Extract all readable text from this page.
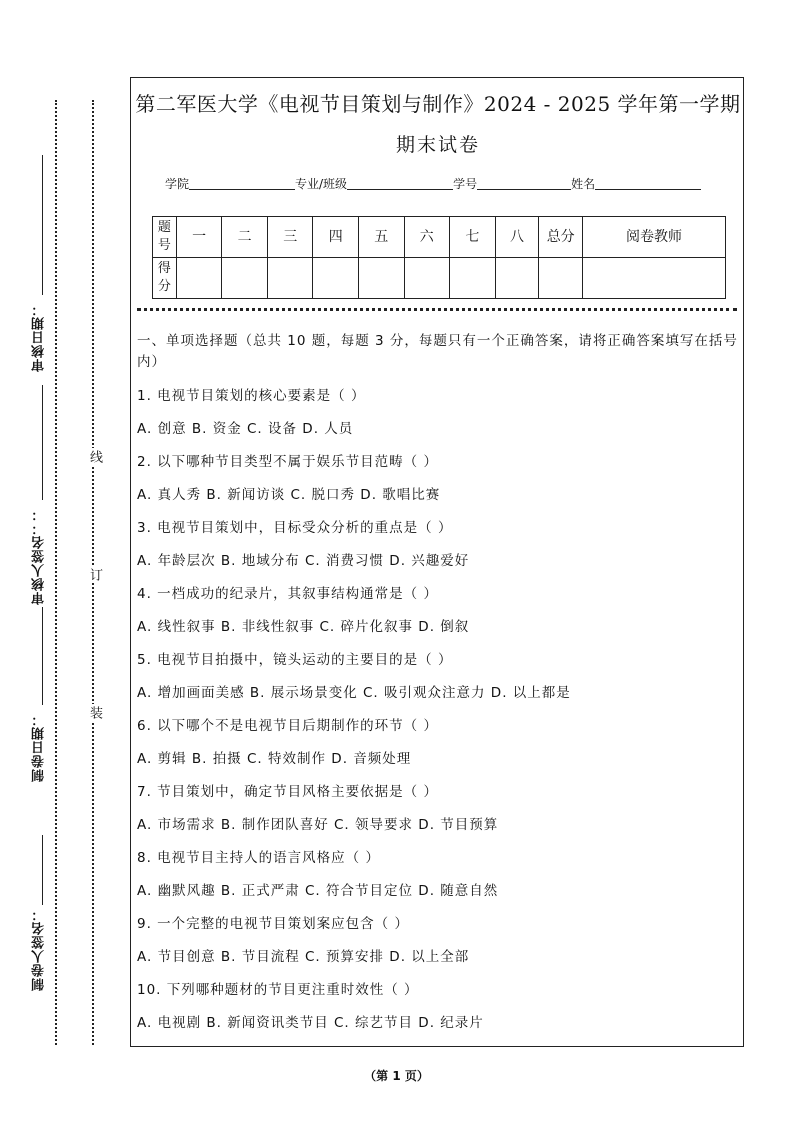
审核日期：
审核人签名：：
制卷日期：
制卷人签名：
线
订
装
第二军医大学《电视节目策划与制作》2024 - 2025 学年第一学期
期末试卷
学院	专业/班级	学号	姓名
题号	一	二	三	四	五	六	七	八	总分	阅卷教师
得分										
一、单项选择题（总共 10 题，每题 3 分，每题只有一个正确答案，请将正确答案填写在括号内）
1. 电视节目策划的核心要素是（ ）
A. 创意 B. 资金 C. 设备 D. 人员
2. 以下哪种节目类型不属于娱乐节目范畴（ ）
A. 真人秀 B. 新闻访谈 C. 脱口秀 D. 歌唱比赛
3. 电视节目策划中，目标受众分析的重点是（ ）
A. 年龄层次 B. 地域分布 C. 消费习惯 D. 兴趣爱好
4. 一档成功的纪录片，其叙事结构通常是（ ）
A. 线性叙事 B. 非线性叙事 C. 碎片化叙事 D. 倒叙
5. 电视节目拍摄中，镜头运动的主要目的是（ ）
A. 增加画面美感 B. 展示场景变化 C. 吸引观众注意力 D. 以上都是
6. 以下哪个不是电视节目后期制作的环节（ ）
A. 剪辑 B. 拍摄 C. 特效制作 D. 音频处理
7. 节目策划中，确定节目风格主要依据是（ ）
A. 市场需求 B. 制作团队喜好 C. 领导要求 D. 节目预算
8. 电视节目主持人的语言风格应（ ）
A. 幽默风趣 B. 正式严肃 C. 符合节目定位 D. 随意自然
9. 一个完整的电视节目策划案应包含（ ）
A. 节目创意 B. 节目流程 C. 预算安排 D. 以上全部
10. 下列哪种题材的节目更注重时效性（ ）
A. 电视剧 B. 新闻资讯类节目 C. 综艺节目 D. 纪录片
（第 1 页）
